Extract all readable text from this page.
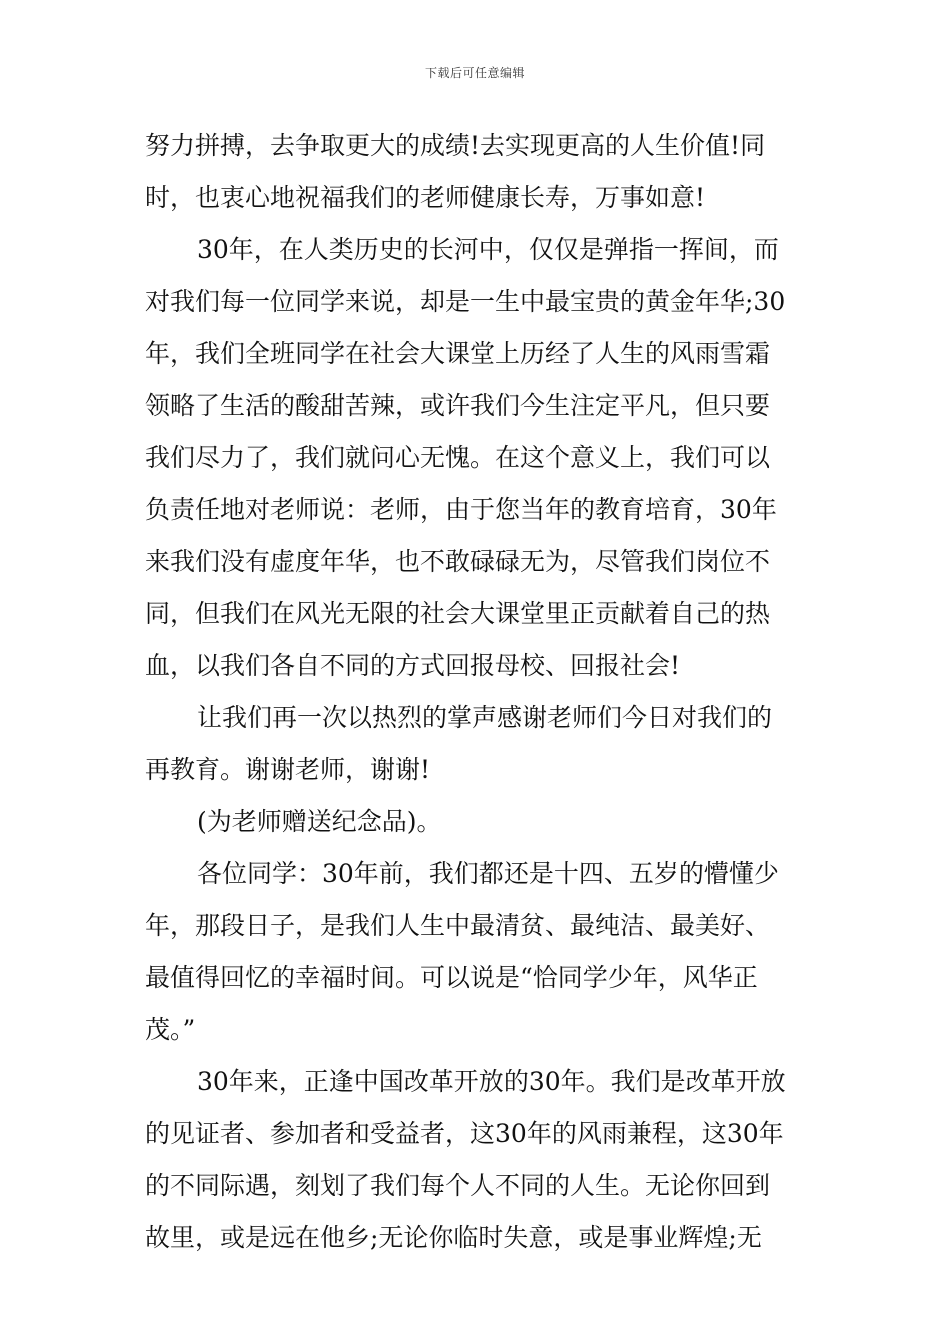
下载后可任意编辑
努力拼搏，去争取更大的成绩!去实现更高的人生价值!同
时，也衷心地祝福我们的老师健康长寿，万事如意!
30年，在人类历史的长河中，仅仅是弹指一挥间，而
对我们每一位同学来说，却是一生中最宝贵的黄金年华;30
年，我们全班同学在社会大课堂上历经了人生的风雨雪霜
领略了生活的酸甜苦辣，或许我们今生注定平凡，但只要
我们尽力了，我们就问心无愧。在这个意义上，我们可以
负责任地对老师说：老师，由于您当年的教育培育，30年
来我们没有虚度年华，也不敢碌碌无为，尽管我们岗位不
同，但我们在风光无限的社会大课堂里正贡献着自己的热
血，以我们各自不同的方式回报母校、回报社会!
让我们再一次以热烈的掌声感谢老师们今日对我们的
再教育。谢谢老师，谢谢!
(为老师赠送纪念品)。
各位同学：30年前，我们都还是十四、五岁的懵懂少
年，那段日子，是我们人生中最清贫、最纯洁、最美好、
最值得回忆的幸福时间。可以说是“恰同学少年，风华正
茂。”
30年来，正逢中国改革开放的30年。我们是改革开放
的见证者、参加者和受益者，这30年的风雨兼程，这30年
的不同际遇，刻划了我们每个人不同的人生。无论你回到
故里，或是远在他乡;无论你临时失意，或是事业辉煌;无
